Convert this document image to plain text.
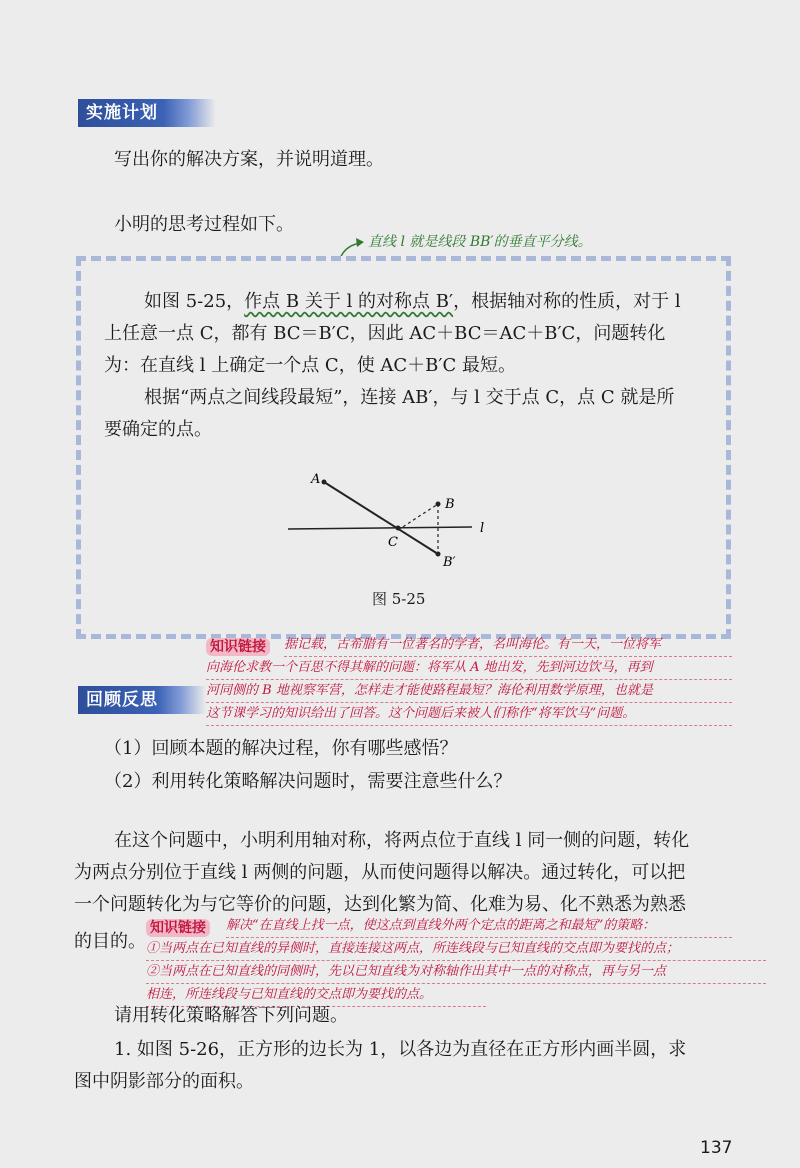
实施计划
写出你的解决方案，并说明道理。
小明的思考过程如下。
直线 l 就是线段 BB′的垂直平分线。
如图 5-25，作点 B 关于 l 的对称点 B′，根据轴对称的性质，对于 l
上任意一点 C，都有 BC＝B′C，因此 AC＋BC＝AC＋B′C，问题转化
为：在直线 l 上确定一个点 C，使 AC＋B′C 最短。
根据“两点之间线段最短”，连接 AB′，与 l 交于点 C，点 C 就是所
要确定的点。
A
B
C
B′
l
图 5-25
知识链接	据记载，古希腊有一位著名的学者，名叫海伦。有一天，一位将军
向海伦求教一个百思不得其解的问题：将军从 A 地出发，先到河边饮马，再到
河同侧的 B 地视察军营，怎样走才能使路程最短？海伦利用数学原理，也就是
这节课学习的知识给出了回答。这个问题后来被人们称作“将军饮马”问题。
回顾反思
（1）回顾本题的解决过程，你有哪些感悟？
（2）利用转化策略解决问题时，需要注意些什么？
在这个问题中，小明利用轴对称，将两点位于直线 l 同一侧的问题，转化
为两点分别位于直线 l 两侧的问题，从而使问题得以解决。通过转化，可以把
一个问题转化为与它等价的问题，达到化繁为简、化难为易、化不熟悉为熟悉
的目的。
知识链接	解决“在直线上找一点，使这点到直线外两个定点的距离之和最短”的策略：
①当两点在已知直线的异侧时，直接连接这两点，所连线段与已知直线的交点即为要找的点；
②当两点在已知直线的同侧时，先以已知直线为对称轴作出其中一点的对称点，再与另一点
相连，所连线段与已知直线的交点即为要找的点。
请用转化策略解答下列问题。
1. 如图 5-26，正方形的边长为 1，以各边为直径在正方形内画半圆，求
图中阴影部分的面积。
137
